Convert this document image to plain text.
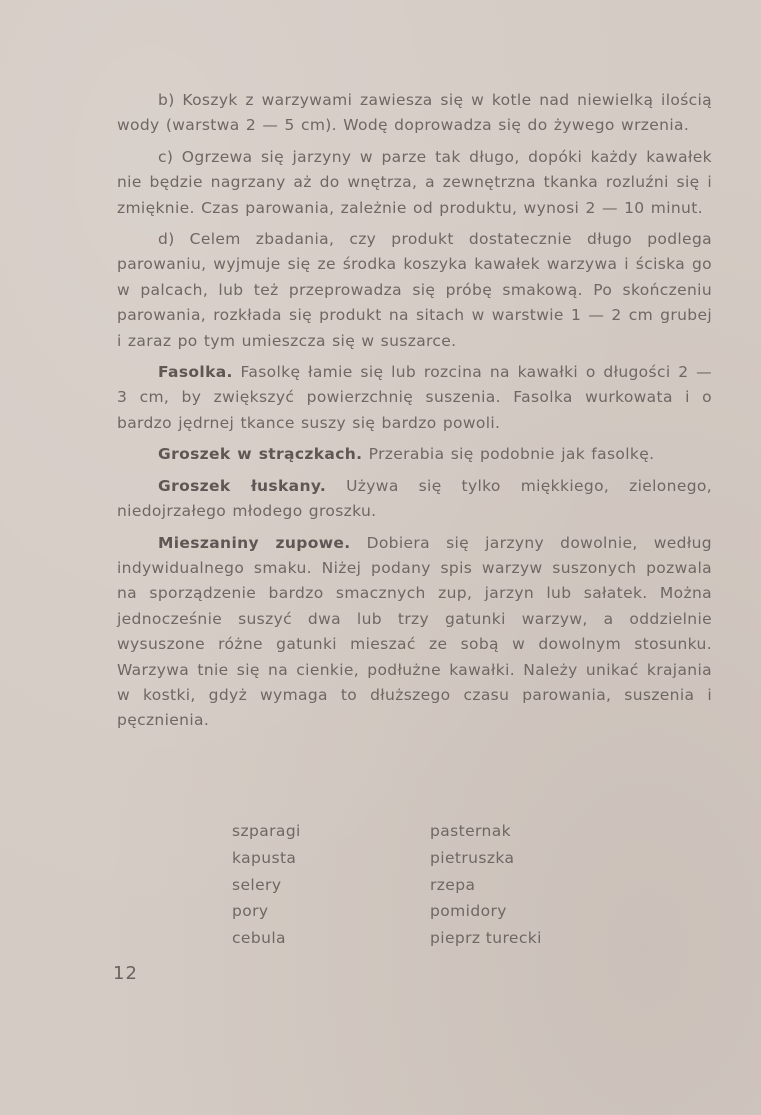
b) Koszyk z warzywami zawiesza się w kotle nad niewielką ilością wody (warstwa 2 — 5 cm). Wodę doprowadza się do żywego wrzenia.

c) Ogrzewa się jarzyny w parze tak długo, dopóki każdy kawałek nie będzie nagrzany aż do wnętrza, a zewnętrzna tkanka rozluźni się i zmięknie. Czas parowania, zależnie od produktu, wynosi 2 — 10 minut.

d) Celem zbadania, czy produkt dostatecznie długo podlega parowaniu, wyjmuje się ze środka koszyka kawałek warzywa i ściska go w palcach, lub też przeprowadza się próbę smakową. Po skończeniu parowania, rozkłada się produkt na sitach w warstwie 1 — 2 cm grubej i zaraz po tym umieszcza się w suszarce.

Fasolka. Fasolkę łamie się lub rozcina na kawałki o długości 2 — 3 cm, by zwiększyć powierzchnię suszenia. Fasolka wurkowata i o bardzo jędrnej tkance suszy się bardzo powoli.

Groszek w strączkach. Przerabia się podobnie jak fasolkę.

Groszek łuskany. Używa się tylko miękkiego, zielonego, niedojrzałego młodego groszku.

Mieszaniny zupowe. Dobiera się jarzyny dowolnie, według indywidualnego smaku. Niżej podany spis warzyw suszonych pozwala na sporządzenie bardzo smacznych zup, jarzyn lub sałatek. Można jednocześnie suszyć dwa lub trzy gatunki warzyw, a oddzielnie wysuszone różne gatunki mieszać ze sobą w dowolnym stosunku. Warzywa tnie się na cienkie, podłużne kawałki. Należy unikać krajania w kostki, gdyż wymaga to dłuższego czasu parowania, suszenia i pęcznienia.

szparagi
kapusta
selery
pory
cebula
pasternak
pietruszka
rzepa
pomidory
pieprz turecki
12
